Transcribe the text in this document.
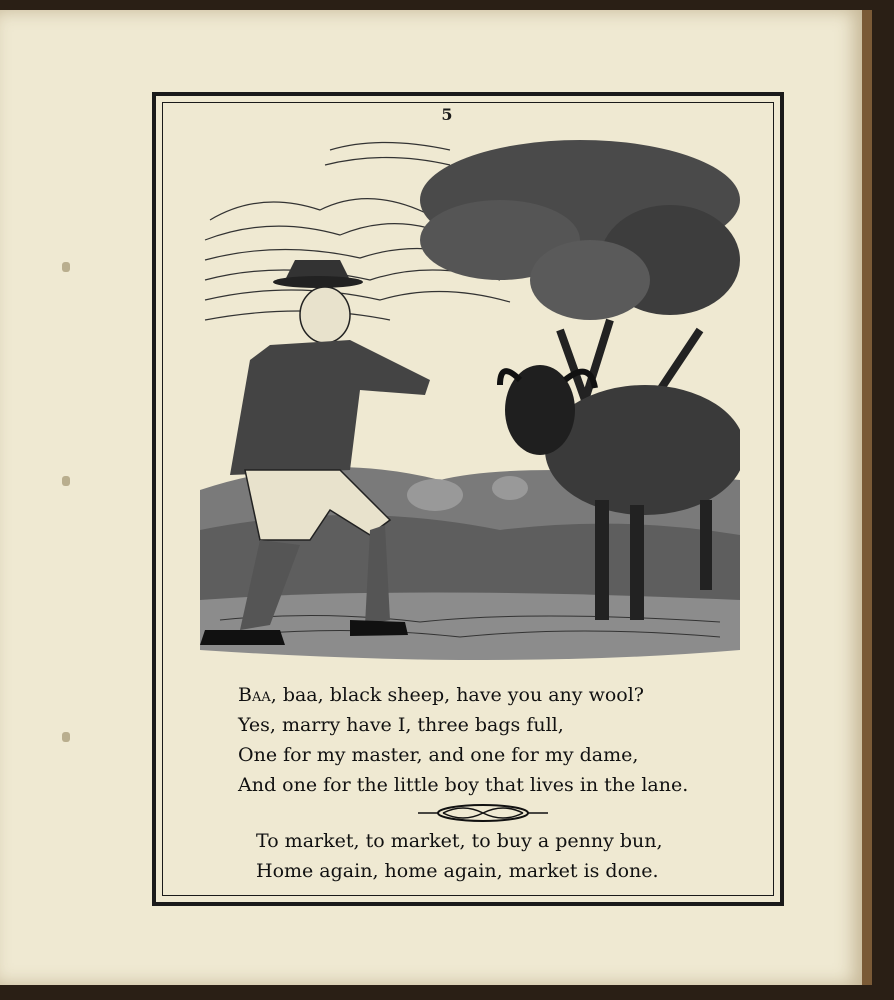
5
Baa, baa, black sheep, have you any wool?
Yes, marry have I, three bags full,
One for my master, and one for my dame,
And one for the little boy that lives in the lane.
To market, to market, to buy a penny bun,
Home again, home again, market is done.
